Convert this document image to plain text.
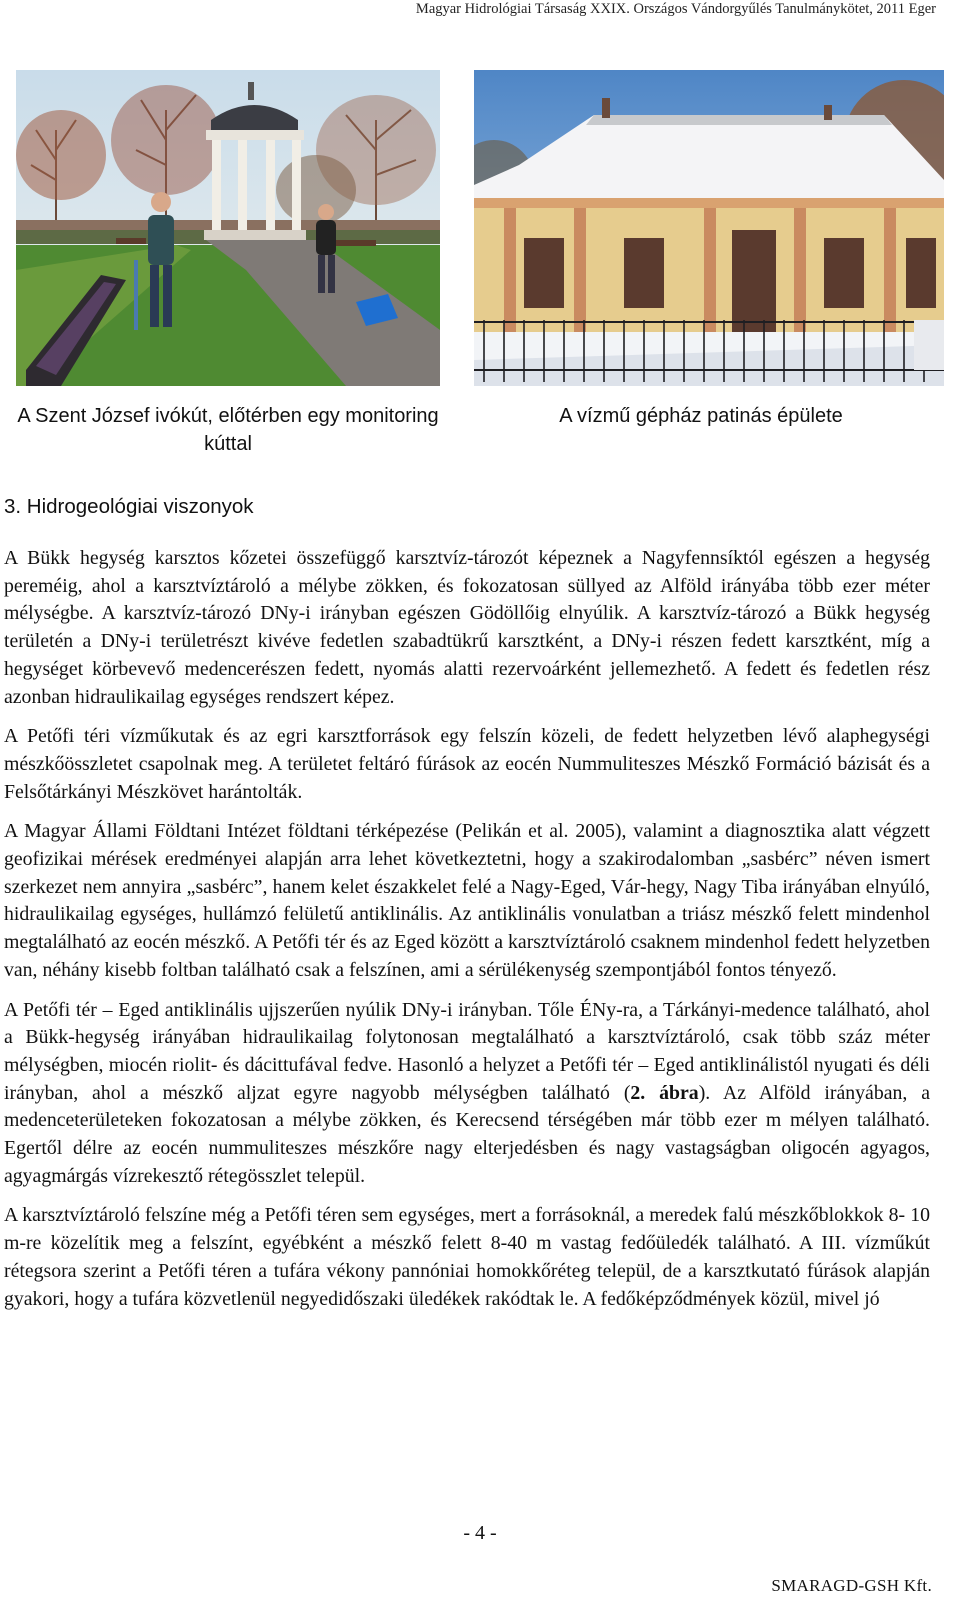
Magyar Hidrológiai Társaság XXIX. Országos Vándorgyűlés Tanulmánykötet, 2011 Eger
A Szent József ivókút, előtérben egy monitoring kúttal
A vízmű gépház patinás épülete
3. Hidrogeológiai viszonyok

A Bükk hegység karsztos kőzetei összefüggő karsztvíz-tározót képeznek a Nagyfennsíktól egészen a hegység pereméig, ahol a karsztvíztároló a mélybe zökken, és fokozatosan süllyed az Alföld irányába több ezer méter mélységbe. A karsztvíz-tározó DNy-i irányban egészen Gödöllőig elnyúlik. A karsztvíz-tározó a Bükk hegység területén a DNy-i területrészt kivéve fedetlen szabadtükrű karsztként, a DNy-i részen fedett karsztként, míg a hegységet körbevevő medencerészen fedett, nyomás alatti rezervoárként jellemezhető. A fedett és fedetlen rész azonban hidraulikailag egységes rendszert képez.

A Petőfi téri vízműkutak és az egri karsztforrások egy felszín közeli, de fedett helyzetben lévő alaphegységi mészkőösszletet csapolnak meg. A területet feltáró fúrások az eocén Nummuliteszes Mészkő Formáció bázisát és a Felsőtárkányi Mészkövet harántolták.

A Magyar Állami Földtani Intézet földtani térképezése (Pelikán et al. 2005), valamint a diagnosztika alatt végzett geofizikai mérések eredményei alapján arra lehet következtetni, hogy a szakirodalomban „sasbérc” néven ismert szerkezet nem annyira „sasbérc”, hanem kelet északkelet felé a Nagy-Eged, Vár-hegy, Nagy Tiba irányában elnyúló, hidraulikailag egységes, hullámzó felületű antiklinális. Az antiklinális vonulatban a triász mészkő felett mindenhol megtalálható az eocén mészkő. A Petőfi tér és az Eged között a karsztvíztároló csaknem mindenhol fedett helyzetben van, néhány kisebb foltban található csak a felszínen, ami a sérülékenység szempontjából fontos tényező.

A Petőfi tér – Eged antiklinális ujjszerűen nyúlik DNy-i irányban. Tőle ÉNy-ra, a Tárkányi-medence található, ahol a Bükk-hegység irányában hidraulikailag folytonosan megtalálható a karsztvíztároló, csak több száz méter mélységben, miocén riolit- és dácittufával fedve. Hasonló a helyzet a Petőfi tér – Eged antiklinálistól nyugati és déli irányban, ahol a mészkő aljzat egyre nagyobb mélységben található (2. ábra). Az Alföld irányában, a medenceterületeken fokozatosan a mélybe zökken, és Kerecsend térségében már több ezer m mélyen található. Egertől délre az eocén nummuliteszes mészkőre nagy elterjedésben és nagy vastagságban oligocén agyagos, agyagmárgás vízrekesztő rétegösszlet települ.

A karsztvíztároló felszíne még a Petőfi téren sem egységes, mert a forrásoknál, a meredek falú mészkőblokkok 8- 10 m-re közelítik meg a felszínt, egyébként a mészkő felett 8-40 m vastag fedőüledék található. A III. vízműkút rétegsora szerint a Petőfi téren a tufára vékony pannóniai homokkőréteg települ, de a karsztkutató fúrások alapján gyakori, hogy a tufára közvetlenül negyedidőszaki üledékek rakódtak le. A fedőképződmények közül, mivel jó

- 4 -
SMARAGD-GSH Kft.
